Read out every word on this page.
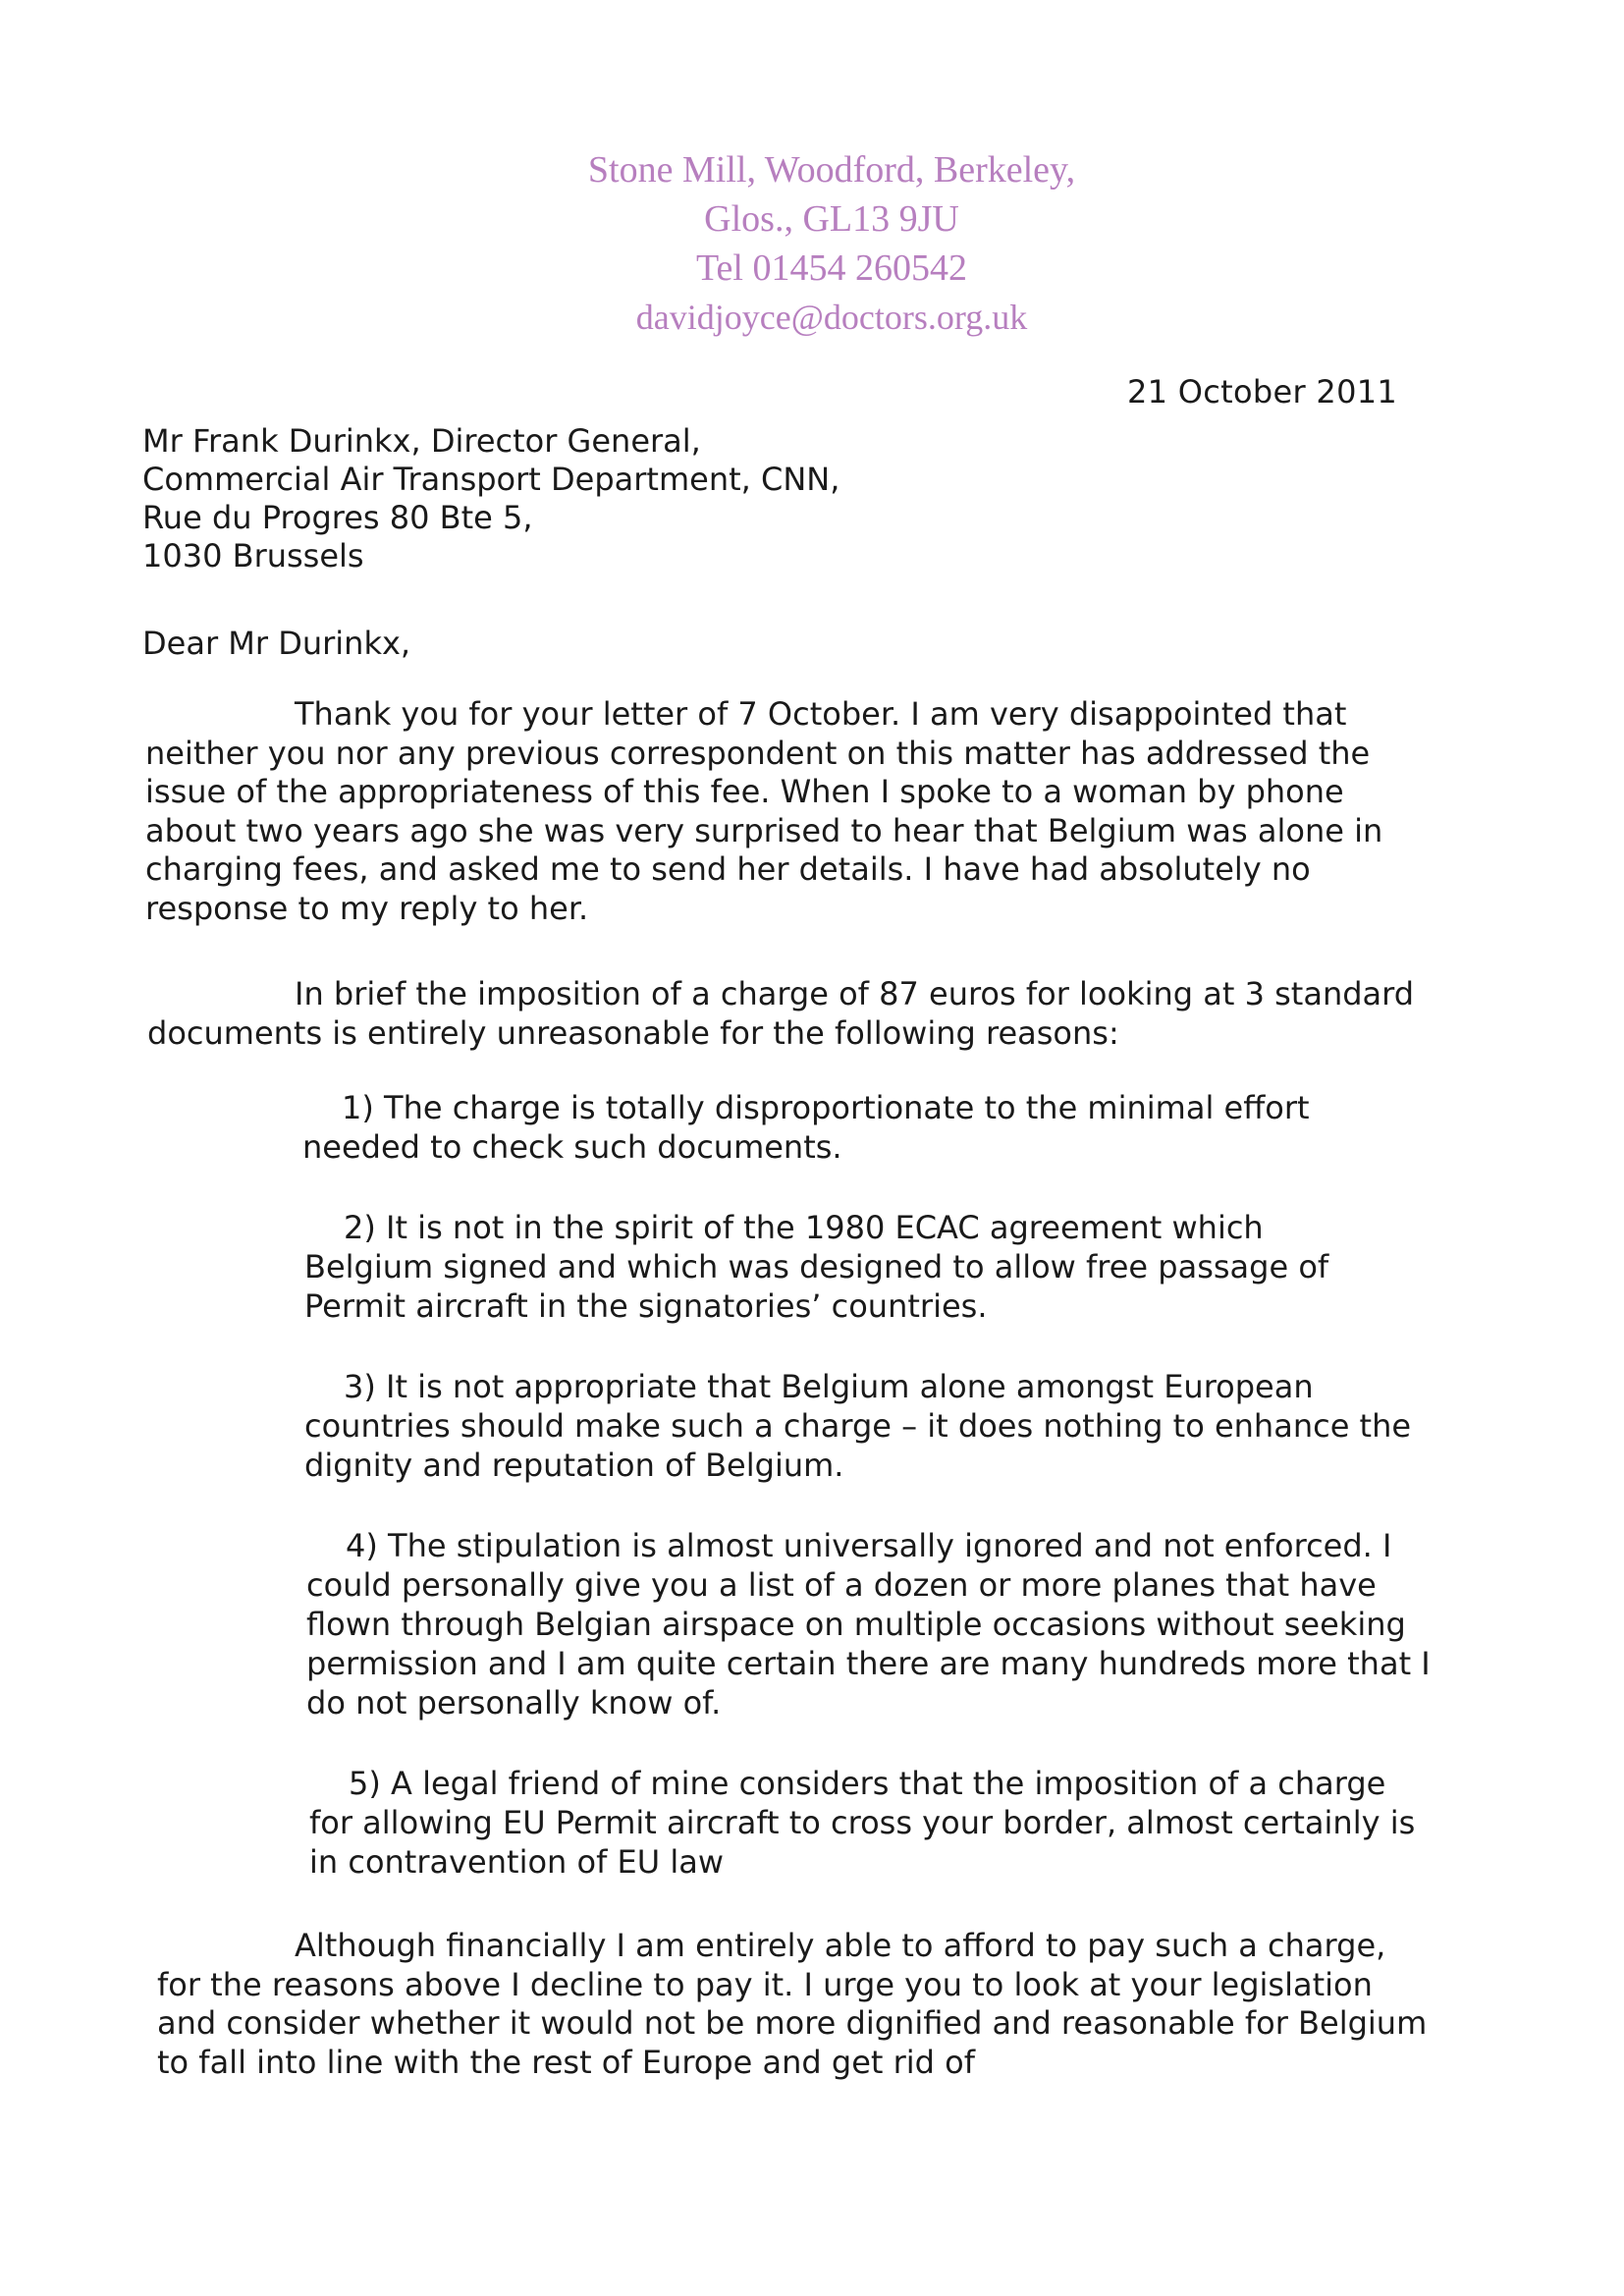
Stone Mill, Woodford, Berkeley,
Glos., GL13 9JU
Tel 01454 260542
davidjoyce@doctors.org.uk
21 October 2011
Mr Frank Durinkx, Director General,
Commercial Air Transport Department, CNN,
Rue du Progres 80 Bte 5,
1030 Brussels
Dear Mr Durinkx,

Thank you for your letter of 7 October. I am very disappointed that neither you nor any previous correspondent on this matter has addressed the issue of the appropriateness of this fee. When I spoke to a woman by phone about two years ago she was very surprised to hear that Belgium was alone in charging fees, and asked me to send her details. I have had absolutely no response to my reply to her.

In brief the imposition of a charge of 87 euros for looking at 3 standard documents is entirely unreasonable for the following reasons:

1) The charge is totally disproportionate to the minimal effort needed to check such documents.

2) It is not in the spirit of the 1980 ECAC agreement which Belgium signed and which was designed to allow free passage of Permit aircraft in the signatories’ countries.

3) It is not appropriate that Belgium alone amongst European countries should make such a charge – it does nothing to enhance the dignity and reputation of Belgium.

4) The stipulation is almost universally ignored and not enforced. I could personally give you a list of a dozen or more planes that have flown through Belgian airspace on multiple occasions without seeking permission and I am quite certain there are many hundreds more that I do not personally know of.

5) A legal friend of mine considers that the imposition of a charge for allowing EU Permit aircraft to cross your border, almost certainly is in contravention of EU law

Although financially I am entirely able to afford to pay such a charge, for the reasons above I decline to pay it. I urge you to look at your legislation and consider whether it would not be more dignified and reasonable for Belgium to fall into line with the rest of Europe and get rid of
